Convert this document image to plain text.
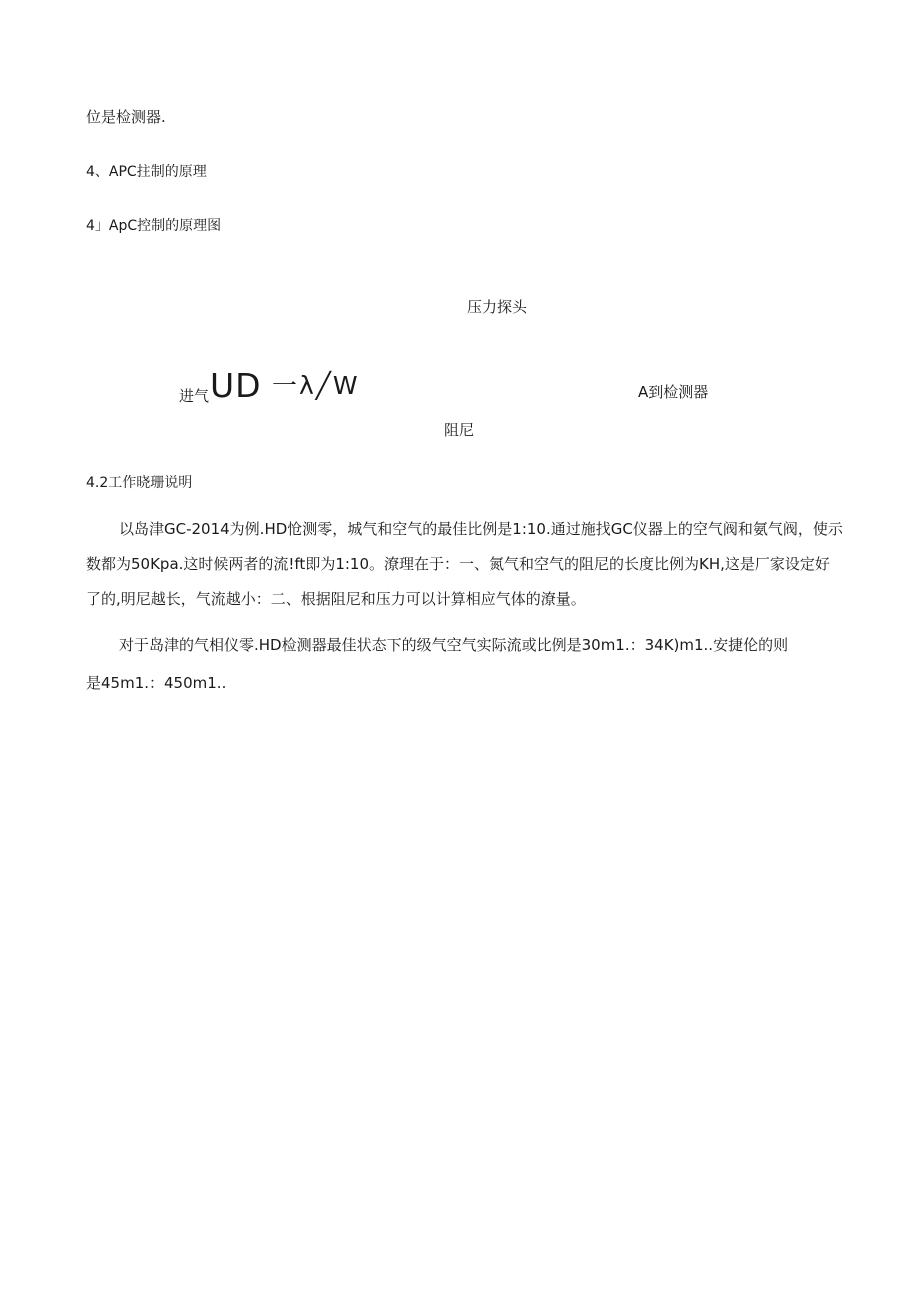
位是检测器.
4、APC拄制的原理
4」ApC控制的原理图
压力探头
进气 UD 一λ╱W	A到检测器
阻尼
4.2工作晓珊说明
以岛津GC-2014为例.HD怆测零，城气和空气的最佳比例是1:10.通过施找GC仪器上的空气阀和氨气阀，使示
数都为50Kpa.这时候两者的流!ft即为1:10。潦理在于：一、氮气和空气的阻尼的长度比例为KH,这是厂家设定好
了的,明尼越长，气流越小：二、根据阻尼和压力可以计算相应气体的潦量。
对于岛津的气相仪零.HD检测器最佳状态下的级气空气实际流或比例是30m1.：34K)m1..安捷伦的则
是45m1.：450m1..
